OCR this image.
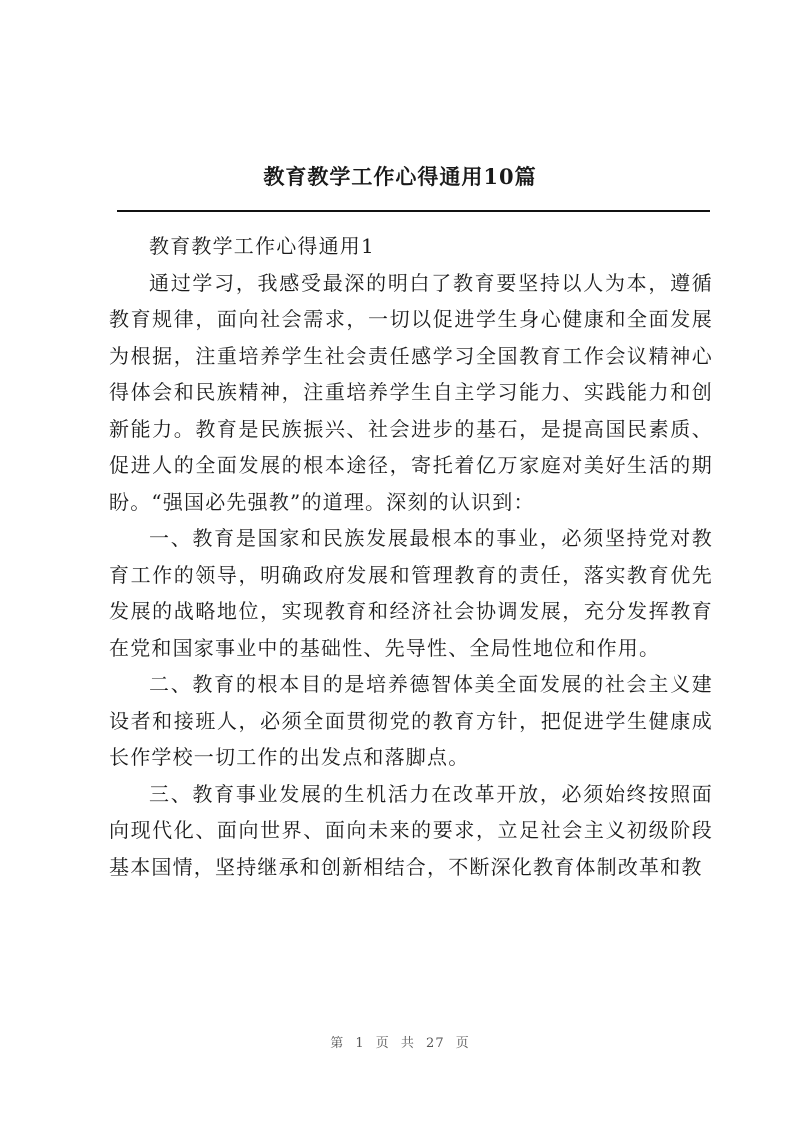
教育教学工作心得通用10篇

教育教学工作心得通用1

通过学习，我感受最深的明白了教育要坚持以人为本，遵循教育规律，面向社会需求，一切以促进学生身心健康和全面发展为根据，注重培养学生社会责任感学习全国教育工作会议精神心得体会和民族精神，注重培养学生自主学习能力、实践能力和创新能力。教育是民族振兴、社会进步的基石，是提高国民素质、促进人的全面发展的根本途径，寄托着亿万家庭对美好生活的期盼。“强国必先强教”的道理。深刻的认识到：

一、教育是国家和民族发展最根本的事业，必须坚持党对教育工作的领导，明确政府发展和管理教育的责任，落实教育优先发展的战略地位，实现教育和经济社会协调发展，充分发挥教育在党和国家事业中的基础性、先导性、全局性地位和作用。

二、教育的根本目的是培养德智体美全面发展的社会主义建设者和接班人，必须全面贯彻党的教育方针，把促进学生健康成长作学校一切工作的出发点和落脚点。

三、教育事业发展的生机活力在改革开放，必须始终按照面向现代化、面向世界、面向未来的要求，立足社会主义初级阶段基本国情，坚持继承和创新相结合，不断深化教育体制改革和教

第 1 页 共 27 页
